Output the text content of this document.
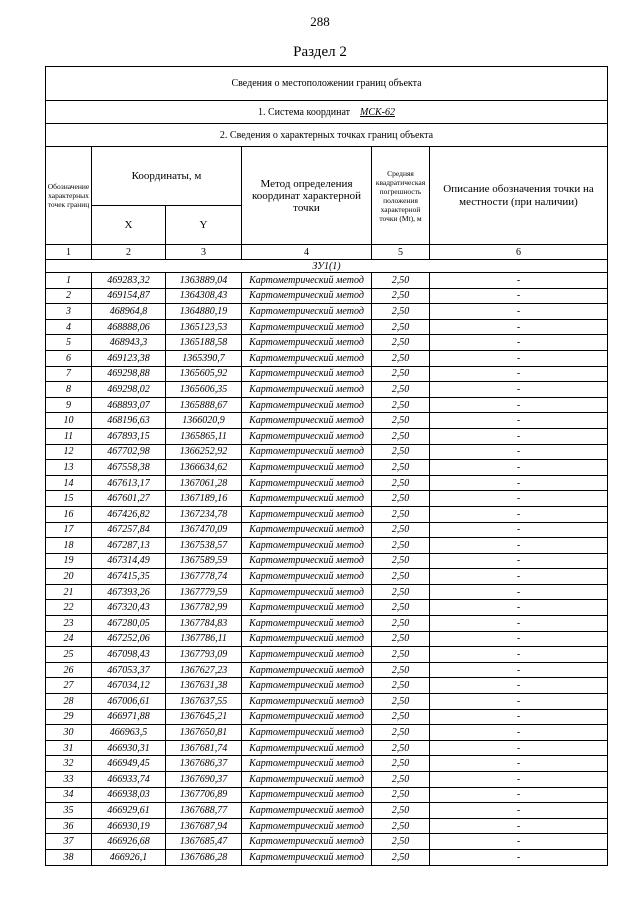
288
Раздел 2
Сведения о местоположении границ объекта					
1. Система координат МСК-62					
2. Сведения о характерных точках границ объекта					
Обозначение характерных точек границ	Координаты, м		Метод определения координат характерной точки	Средняя квадратическая погрешность положения характерной точки (Mt), м	Описание обозначения точки на местности (при наличии)
	X	Y			
1	2	3	4	5	6
ЗУ1(1)					
1	469283,32	1363889,04	Картометрический метод	2,50	-
2	469154,87	1364308,43	Картометрический метод	2,50	-
3	468964,8	1364880,19	Картометрический метод	2,50	-
4	468888,06	1365123,53	Картометрический метод	2,50	-
5	468943,3	1365188,58	Картометрический метод	2,50	-
6	469123,38	1365390,7	Картометрический метод	2,50	-
7	469298,88	1365605,92	Картометрический метод	2,50	-
8	469298,02	1365606,35	Картометрический метод	2,50	-
9	468893,07	1365888,67	Картометрический метод	2,50	-
10	468196,63	1366020,9	Картометрический метод	2,50	-
11	467893,15	1365865,11	Картометрический метод	2,50	-
12	467702,98	1366252,92	Картометрический метод	2,50	-
13	467558,38	1366634,62	Картометрический метод	2,50	-
14	467613,17	1367061,28	Картометрический метод	2,50	-
15	467601,27	1367189,16	Картометрический метод	2,50	-
16	467426,82	1367234,78	Картометрический метод	2,50	-
17	467257,84	1367470,09	Картометрический метод	2,50	-
18	467287,13	1367538,57	Картометрический метод	2,50	-
19	467314,49	1367589,59	Картометрический метод	2,50	-
20	467415,35	1367778,74	Картометрический метод	2,50	-
21	467393,26	1367779,59	Картометрический метод	2,50	-
22	467320,43	1367782,99	Картометрический метод	2,50	-
23	467280,05	1367784,83	Картометрический метод	2,50	-
24	467252,06	1367786,11	Картометрический метод	2,50	-
25	467098,43	1367793,09	Картометрический метод	2,50	-
26	467053,37	1367627,23	Картометрический метод	2,50	-
27	467034,12	1367631,38	Картометрический метод	2,50	-
28	467006,61	1367637,55	Картометрический метод	2,50	-
29	466971,88	1367645,21	Картометрический метод	2,50	-
30	466963,5	1367650,81	Картометрический метод	2,50	-
31	466930,31	1367681,74	Картометрический метод	2,50	-
32	466949,45	1367686,37	Картометрический метод	2,50	-
33	466933,74	1367690,37	Картометрический метод	2,50	-
34	466938,03	1367706,89	Картометрический метод	2,50	-
35	466929,61	1367688,77	Картометрический метод	2,50	-
36	466930,19	1367687,94	Картометрический метод	2,50	-
37	466926,68	1367685,47	Картометрический метод	2,50	-
38	466926,1	1367686,28	Картометрический метод	2,50	-
